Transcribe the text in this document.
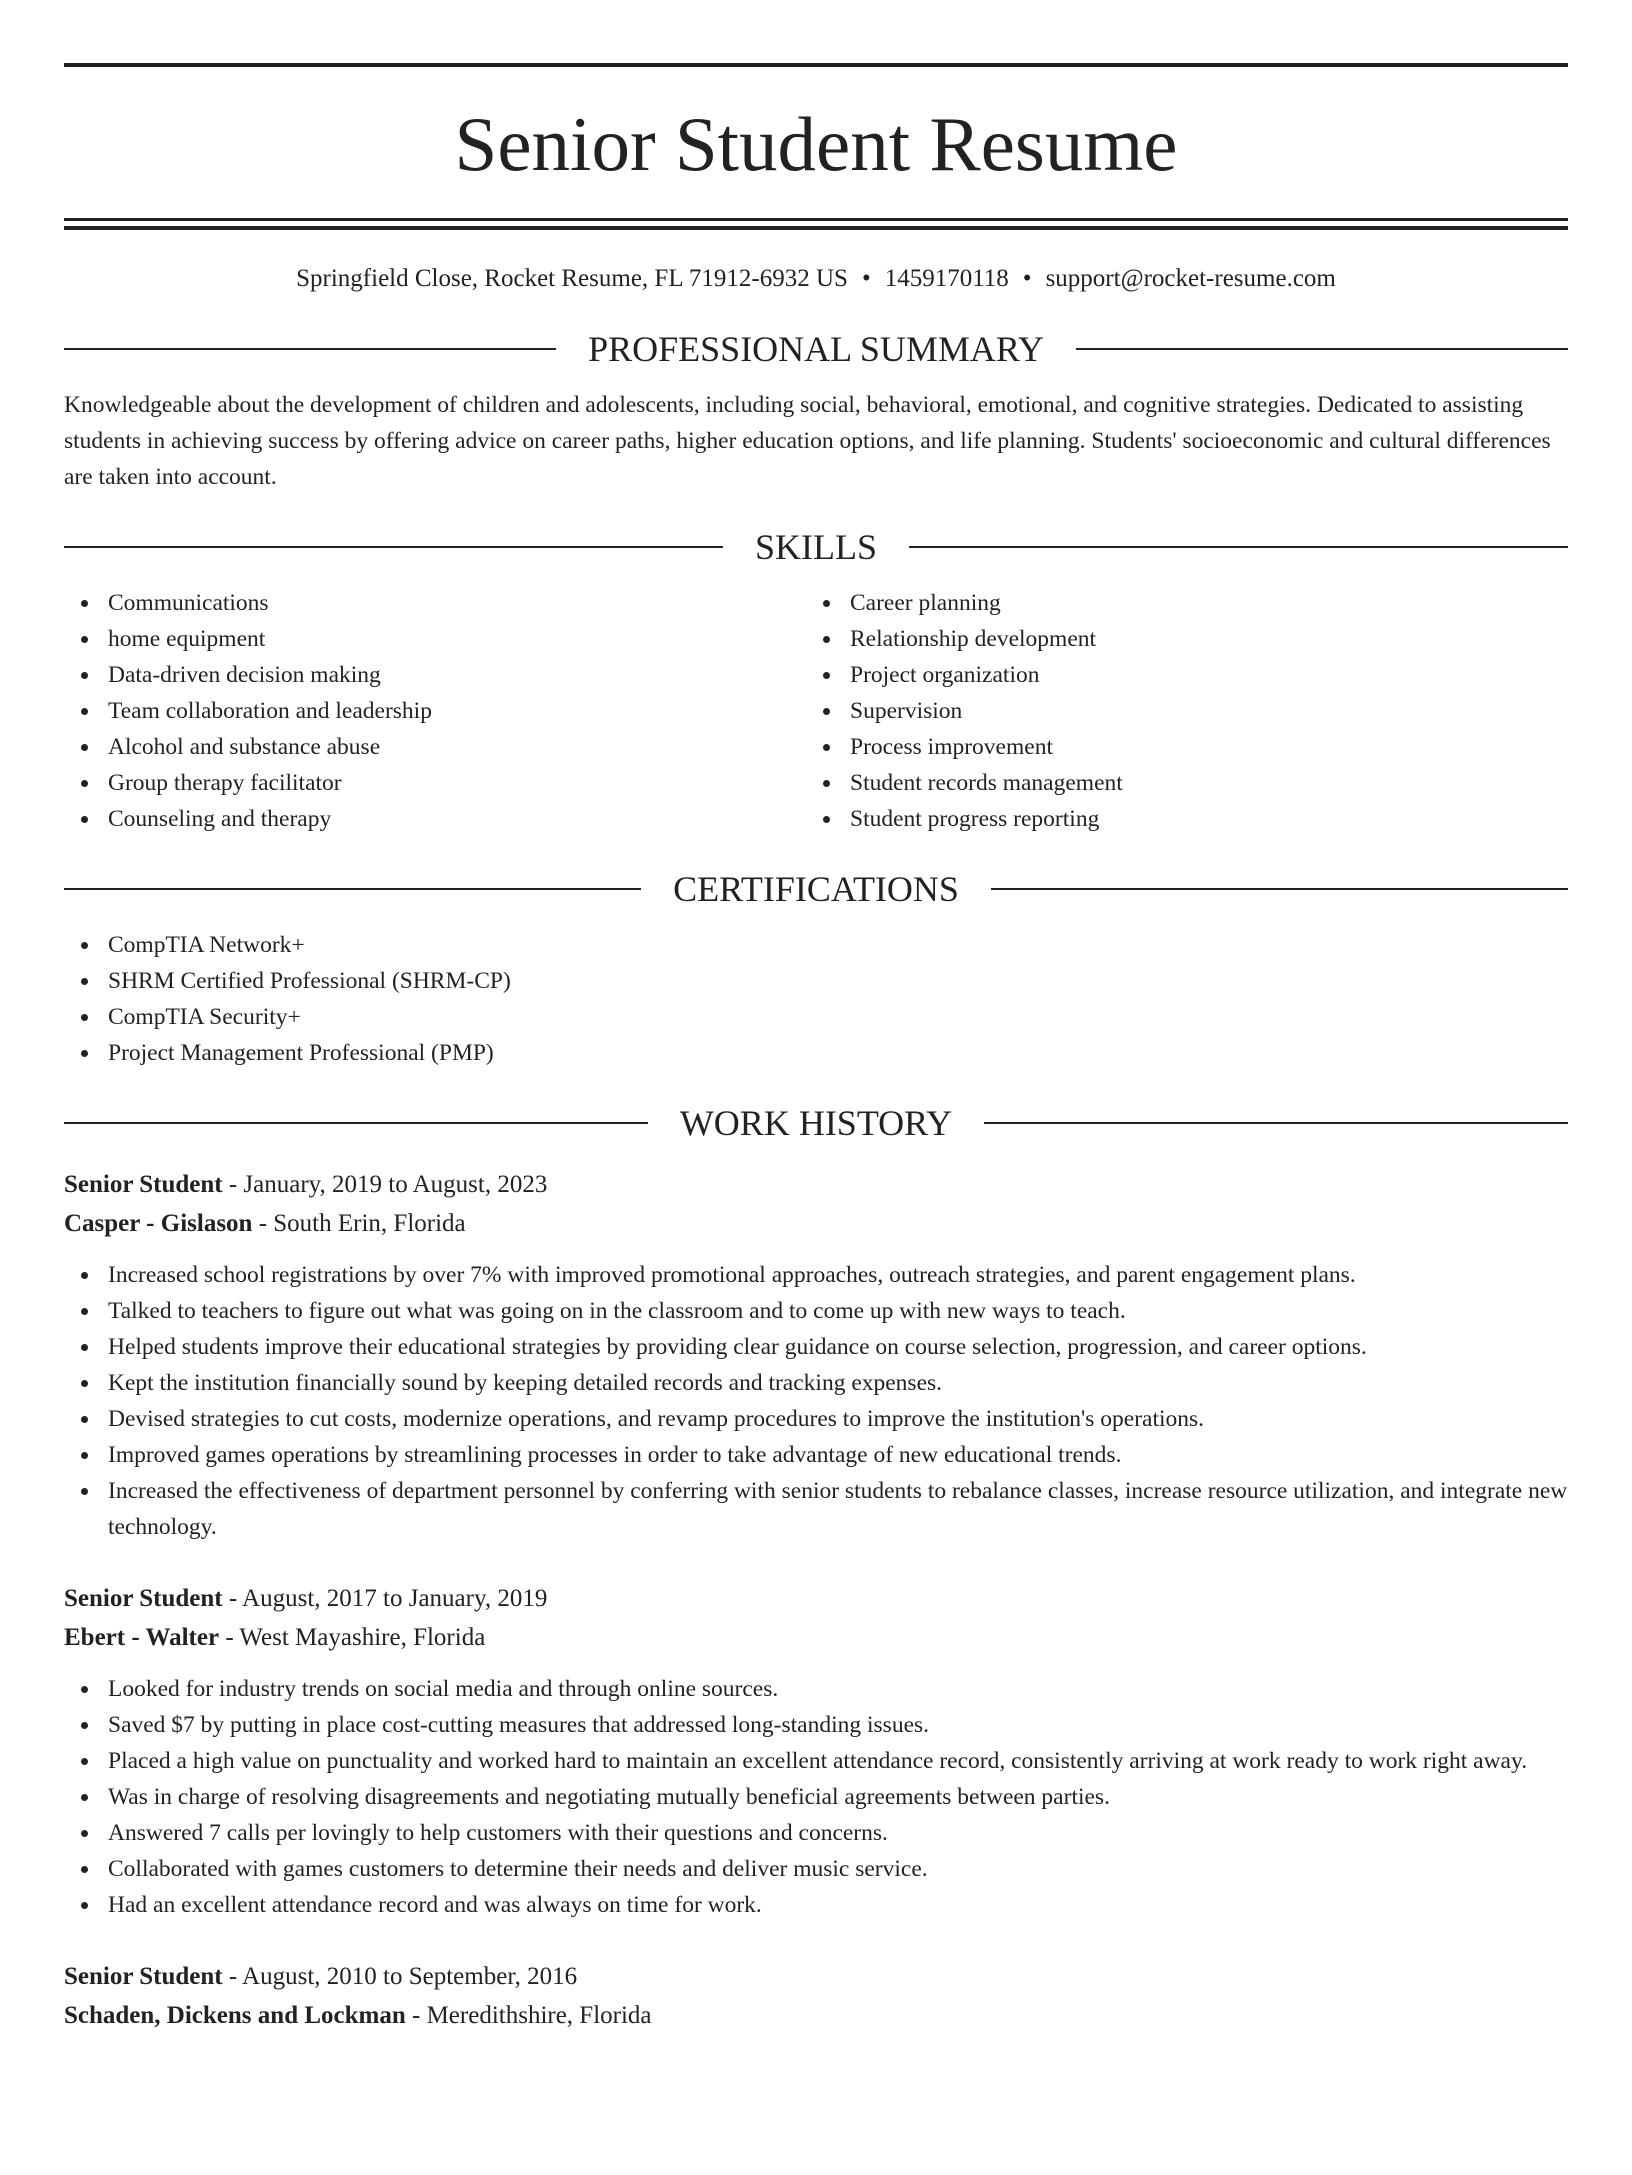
Senior Student Resume
Springfield Close, Rocket Resume, FL 71912-6932 US • 1459170118 • support@rocket-resume.com
PROFESSIONAL SUMMARY
Knowledgeable about the development of children and adolescents, including social, behavioral, emotional, and cognitive strategies. Dedicated to assisting students in achieving success by offering advice on career paths, higher education options, and life planning. Students' socioeconomic and cultural differences are taken into account.
SKILLS
Communications
home equipment
Data-driven decision making
Team collaboration and leadership
Alcohol and substance abuse
Group therapy facilitator
Counseling and therapy
Career planning
Relationship development
Project organization
Supervision
Process improvement
Student records management
Student progress reporting
CERTIFICATIONS
CompTIA Network+
SHRM Certified Professional (SHRM-CP)
CompTIA Security+
Project Management Professional (PMP)
WORK HISTORY
Senior Student - January, 2019 to August, 2023
Casper - Gislason - South Erin, Florida
Increased school registrations by over 7% with improved promotional approaches, outreach strategies, and parent engagement plans.
Talked to teachers to figure out what was going on in the classroom and to come up with new ways to teach.
Helped students improve their educational strategies by providing clear guidance on course selection, progression, and career options.
Kept the institution financially sound by keeping detailed records and tracking expenses.
Devised strategies to cut costs, modernize operations, and revamp procedures to improve the institution's operations.
Improved games operations by streamlining processes in order to take advantage of new educational trends.
Increased the effectiveness of department personnel by conferring with senior students to rebalance classes, increase resource utilization, and integrate new technology.
Senior Student - August, 2017 to January, 2019
Ebert - Walter - West Mayashire, Florida
Looked for industry trends on social media and through online sources.
Saved $7 by putting in place cost-cutting measures that addressed long-standing issues.
Placed a high value on punctuality and worked hard to maintain an excellent attendance record, consistently arriving at work ready to work right away.
Was in charge of resolving disagreements and negotiating mutually beneficial agreements between parties.
Answered 7 calls per lovingly to help customers with their questions and concerns.
Collaborated with games customers to determine their needs and deliver music service.
Had an excellent attendance record and was always on time for work.
Senior Student - August, 2010 to September, 2016
Schaden, Dickens and Lockman - Meredithshire, Florida
